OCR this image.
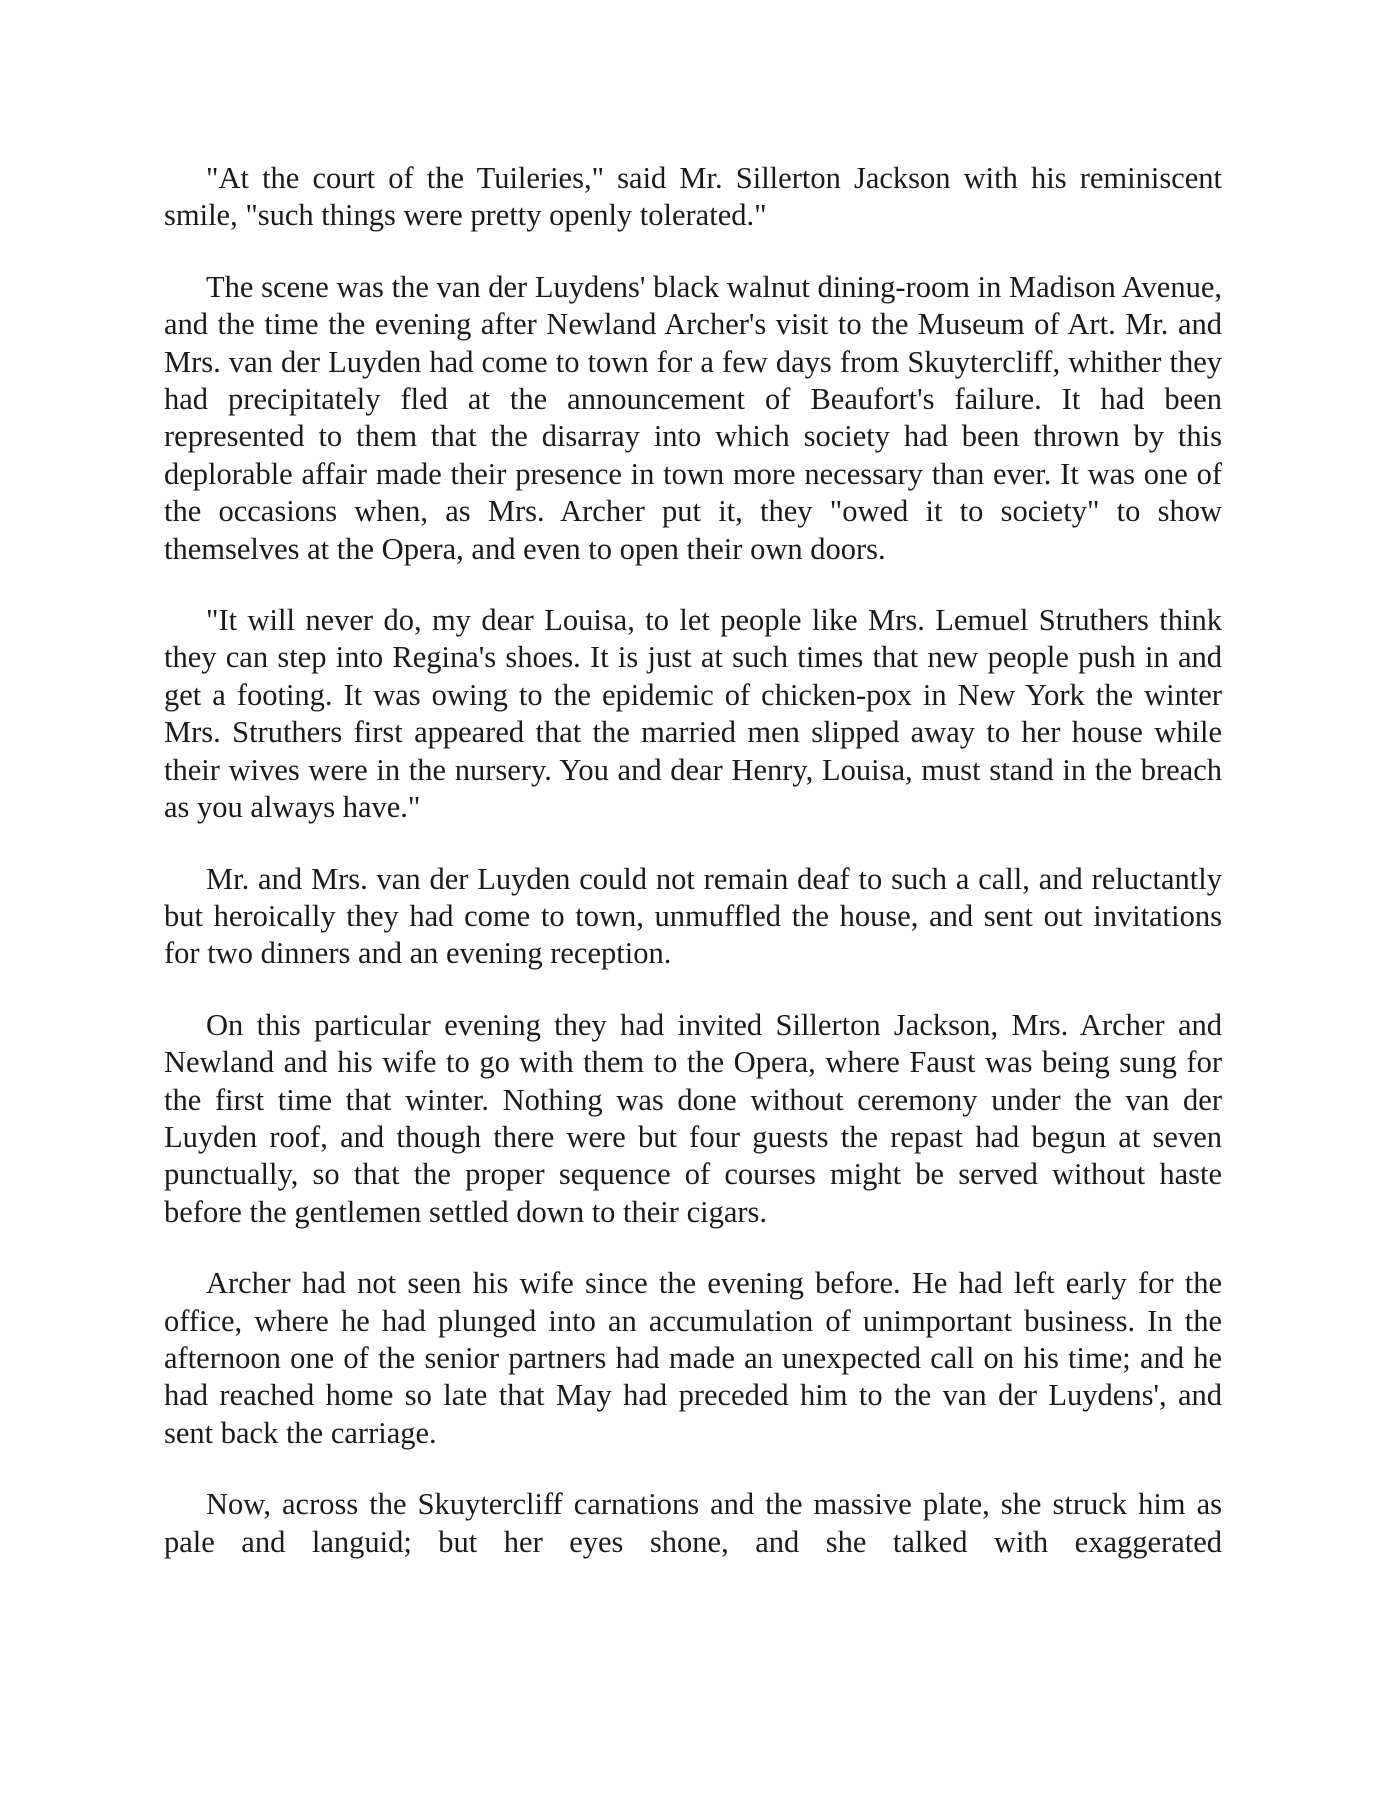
"At the court of the Tuileries," said Mr. Sillerton Jackson with his reminiscent smile, "such things were pretty openly tolerated."

The scene was the van der Luydens' black walnut dining-room in Madison Avenue, and the time the evening after Newland Archer's visit to the Museum of Art. Mr. and Mrs. van der Luyden had come to town for a few days from Skuytercliff, whither they had precipitately fled at the announcement of Beaufort's failure. It had been represented to them that the disarray into which society had been thrown by this deplorable affair made their presence in town more necessary than ever. It was one of the occasions when, as Mrs. Archer put it, they "owed it to society" to show themselves at the Opera, and even to open their own doors.

"It will never do, my dear Louisa, to let people like Mrs. Lemuel Struthers think they can step into Regina's shoes. It is just at such times that new people push in and get a footing. It was owing to the epidemic of chicken-pox in New York the winter Mrs. Struthers first appeared that the married men slipped away to her house while their wives were in the nursery. You and dear Henry, Louisa, must stand in the breach as you always have."

Mr. and Mrs. van der Luyden could not remain deaf to such a call, and reluctantly but heroically they had come to town, unmuffled the house, and sent out invitations for two dinners and an evening reception.

On this particular evening they had invited Sillerton Jackson, Mrs. Archer and Newland and his wife to go with them to the Opera, where Faust was being sung for the first time that winter. Nothing was done without ceremony under the van der Luyden roof, and though there were but four guests the repast had begun at seven punctually, so that the proper sequence of courses might be served without haste before the gentlemen settled down to their cigars.

Archer had not seen his wife since the evening before. He had left early for the office, where he had plunged into an accumulation of unimportant business. In the afternoon one of the senior partners had made an unexpected call on his time; and he had reached home so late that May had preceded him to the van der Luydens', and sent back the carriage.

Now, across the Skuytercliff carnations and the massive plate, she struck him as pale and languid; but her eyes shone, and she talked with exaggerated
